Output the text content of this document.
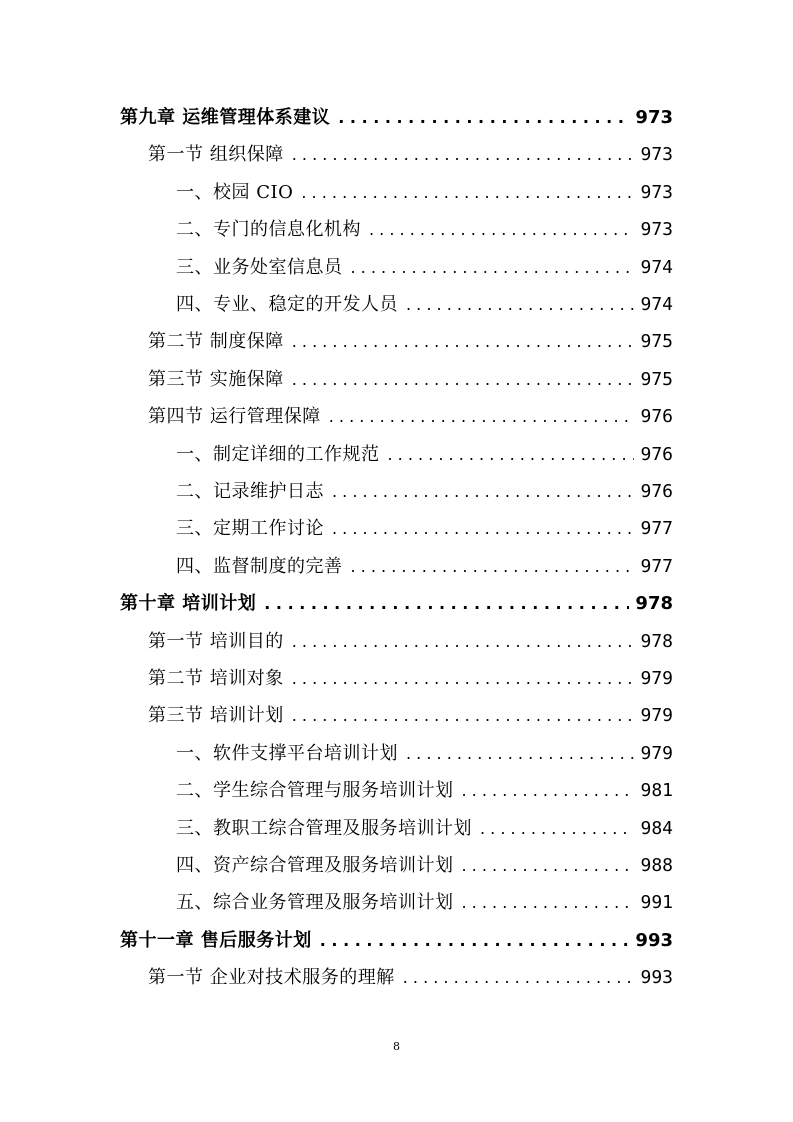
第九章 运维管理体系建议 . . .	973
第一节 组织保障 . . .	973
一、校园 CIO . . .	973
二、专门的信息化机构 . . .	973
三、业务处室信息员 . . .	974
四、专业、稳定的开发人员 . . .	974
第二节 制度保障 . . .	975
第三节 实施保障 . . .	975
第四节 运行管理保障 . . .	976
一、制定详细的工作规范 . . .	976
二、记录维护日志 . . .	976
三、定期工作讨论 . . .	977
四、监督制度的完善 . . .	977
第十章 培训计划 . . .	978
第一节 培训目的 . . .	978
第二节 培训对象 . . .	979
第三节 培训计划 . . .	979
一、软件支撑平台培训计划 . . .	979
二、学生综合管理与服务培训计划 . . .	981
三、教职工综合管理及服务培训计划 . . .	984
四、资产综合管理及服务培训计划 . . .	988
五、综合业务管理及服务培训计划 . . .	991
第十一章 售后服务计划 . . .	993
第一节 企业对技术服务的理解 . . .	993
8
